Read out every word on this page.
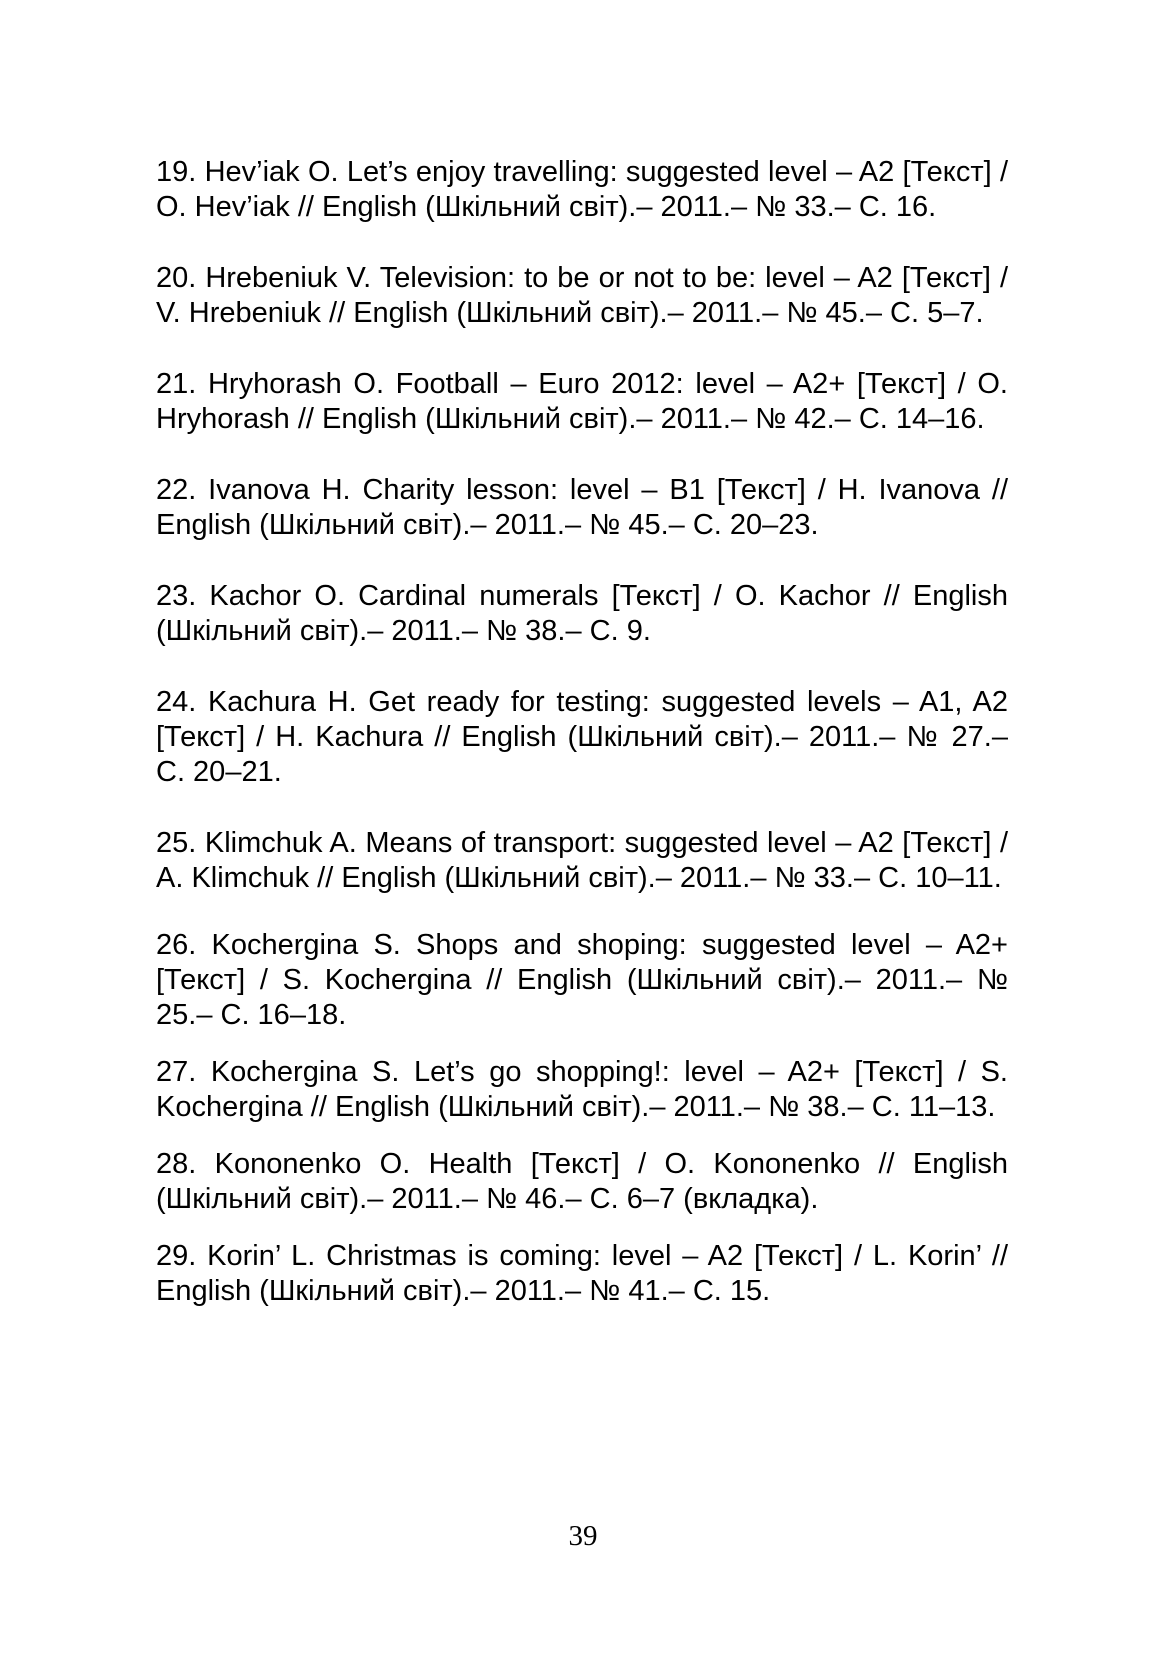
19. Hev’iak O. Let’s enjoy travelling: suggested level – A2 [Текст] / O. Hev’iak // English (Шкільний світ).– 2011.– № 33.– С. 16.

20. Hrebeniuk V. Television: to be or not to be: level – A2 [Текст] / V. Hrebeniuk // English (Шкільний світ).– 2011.– № 45.– С. 5–7.

21. Hryhorash O. Football – Euro 2012: level – A2+ [Текст] / O. Hryhorash // English (Шкільний світ).– 2011.– № 42.– С. 14–16.

22. Ivanova H. Charity lesson: level – B1 [Текст] / H. Ivanova // English (Шкільний світ).– 2011.– № 45.– С. 20–23.

23. Kachor O. Cardinal numerals [Текст] / O. Kachor // English (Шкільний світ).– 2011.– № 38.– С. 9.

24. Kachura H. Get ready for testing: suggested levels – A1, A2 [Текст] / H. Kachura // English (Шкільний світ).– 2011.– № 27.– С. 20–21.

25. Klimchuk A. Means of transport: suggested level – A2 [Текст] / A. Klimchuk // English (Шкільний світ).– 2011.– № 33.– С. 10–11.

26. Kochergina S. Shops and shoping: suggested level – A2+ [Текст] / S. Kochergina // English (Шкільний світ).– 2011.– № 25.– С. 16–18.

27. Kochergina S. Let’s go shopping!: level – A2+ [Текст] / S. Kochergina // English (Шкільний світ).– 2011.– № 38.– С. 11–13.

28. Kononenko O. Health [Текст] / O. Kononenko // English (Шкільний світ).– 2011.– № 46.– С. 6–7 (вкладка).

29. Korin’ L. Christmas is coming: level – A2 [Текст] / L. Korin’ // English (Шкільний світ).– 2011.– № 41.– С. 15.

39
